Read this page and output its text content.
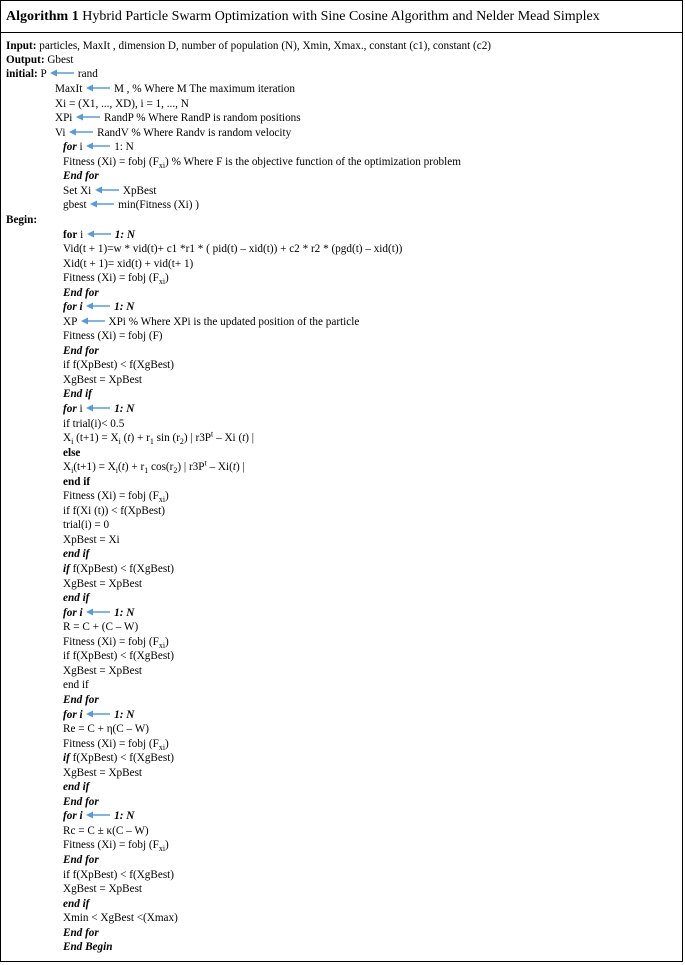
Algorithm 1 Hybrid Particle Swarm Optimization with Sine Cosine Algorithm and Nelder Mead Simplex
Input: particles, MaxIt , dimension D, number of population (N), Xmin, Xmax., constant (c1), constant (c2)
Output: Gbest
initial: P  rand
MaxIt  M , % Where M The maximum iteration
Xi = (X1, ..., XD), i = 1, ..., N
XPi  RandP % Where RandP is random positions
Vi  RandV % Where Randv is random velocity
for i  1: N
Fitness (Xi) = fobj $(F_{xi})$ % Where F is the objective function of the optimization problem
End for
Set Xi  XpBest
gbest  min(Fitness (Xi) )
Begin:
for i	1: N
Vid(t + 1)=w * vid(t)+ c1 *r1 * ( pid(t) – xid(t)) + c2 * r2 * (pgd(t) – xid(t))
Xid(t + 1)= xid(t) + vid(t+ 1)
Fitness (Xi) = fobj $(F_{xi})$
End for
for i	1: N
XP  XPi % Where XPi is the updated position of the particle
Fitness (Xi) = fobj (F)
End for
if f(XpBest) < f(XgBest)
XgBest = XpBest
End if
for i	1: N
if trial(i)< 0.5
$X_i$ $(t+1) = X_i$ $(t) + r_1$ $\sin (r_2)$ | $r3P^t$ – Xi (t) |
else
$X_i(t+1) = X_i(t) + r_1$ $\cos(r_2)$ | $r3P^t - Xi(t)$ |
end if
Fitness (Xi) = fobj $(F_{xi})$
if f(Xi (t)) < f(XpBest)
trial(i) = 0
XpBest = Xi
end if
if f(XpBest) < f(XgBest)
XgBest = XpBest
end if
for i	1: N
R = C + (C – W)
Fitness (Xi) = fobj $(F_{xi})$
if f(XpBest) < f(XgBest)
XgBest = XpBest
end if
End for
for i	1: N
Re = C + η(C – W)
Fitness (Xi) = fobj $(F_{xi})$
if f(XpBest) < f(XgBest)
XgBest = XpBest
end if
End for
for i	1: N
Rc = C ± κ(C – W)
Fitness (Xi) = fobj $(F_{xi})$
End for
if f(XpBest) < f(XgBest)
XgBest = XpBest
end if
Xmin < XgBest <(Xmax)
End for
End Begin
